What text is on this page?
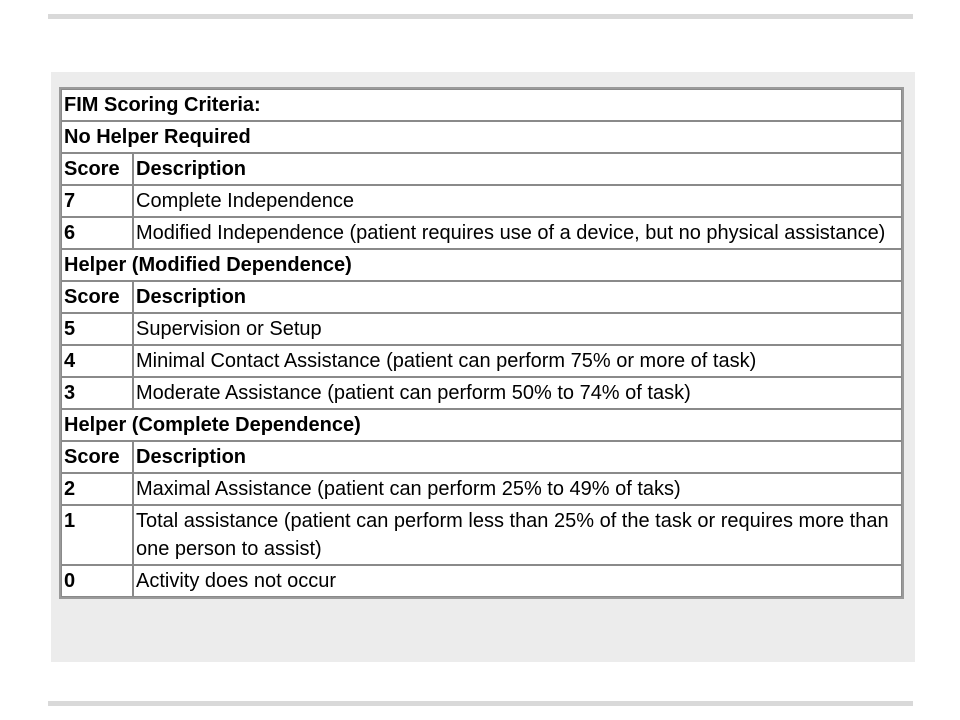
FIM Scoring Criteria:	
No Helper Required	
Score	Description
7	Complete Independence
6	Modified Independence (patient requires use of a device, but no physical assistance)
Helper (Modified Dependence)	
Score	Description
5	Supervision or Setup
4	Minimal Contact Assistance (patient can perform 75% or more of task)
3	Moderate Assistance (patient can perform 50% to 74% of task)
Helper (Complete Dependence)	
Score	Description
2	Maximal Assistance (patient can perform 25% to 49% of taks)
1	Total assistance (patient can perform less than 25% of the task or requires more than one person to assist)
0	Activity does not occur
